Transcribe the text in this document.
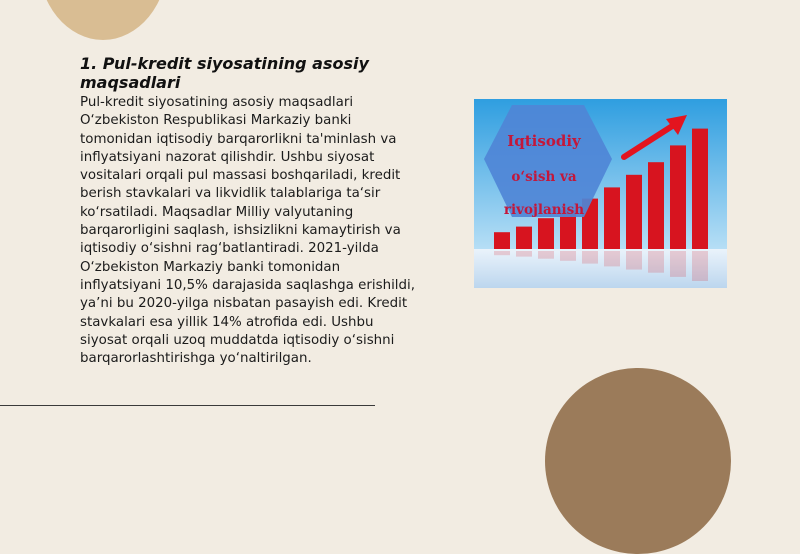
1. Pul-kredit siyosatining asosiy maqsadlari

Pul-kredit siyosatining asosiy maqsadlari O‘zbekiston Respublikasi Markaziy banki tomonidan iqtisodiy barqarorlikni ta'minlash va inflyatsiyani nazorat qilishdir. Ushbu siyosat vositalari orqali pul massasi boshqariladi, kredit berish stavkalari va likvidlik talablariga ta‘sir ko‘rsatiladi. Maqsadlar Milliy valyutaning barqarorligini saqlash, ishsizlikni kamaytirish va iqtisodiy o‘sishni rag‘batlantiradi. 2021-yilda O‘zbekiston Markaziy banki tomonidan inflyatsiyani 10,5% darajasida saqlashga erishildi, ya’ni bu 2020-yilga nisbatan pasayish edi. Kredit stavkalari esa yillik 14% atrofida edi. Ushbu siyosat orqali uzoq muddatda iqtisodiy o‘sishni barqarorlashtirishga yo‘naltirilgan.

Iqtisodiy
o‘sish va
rivojlanish
